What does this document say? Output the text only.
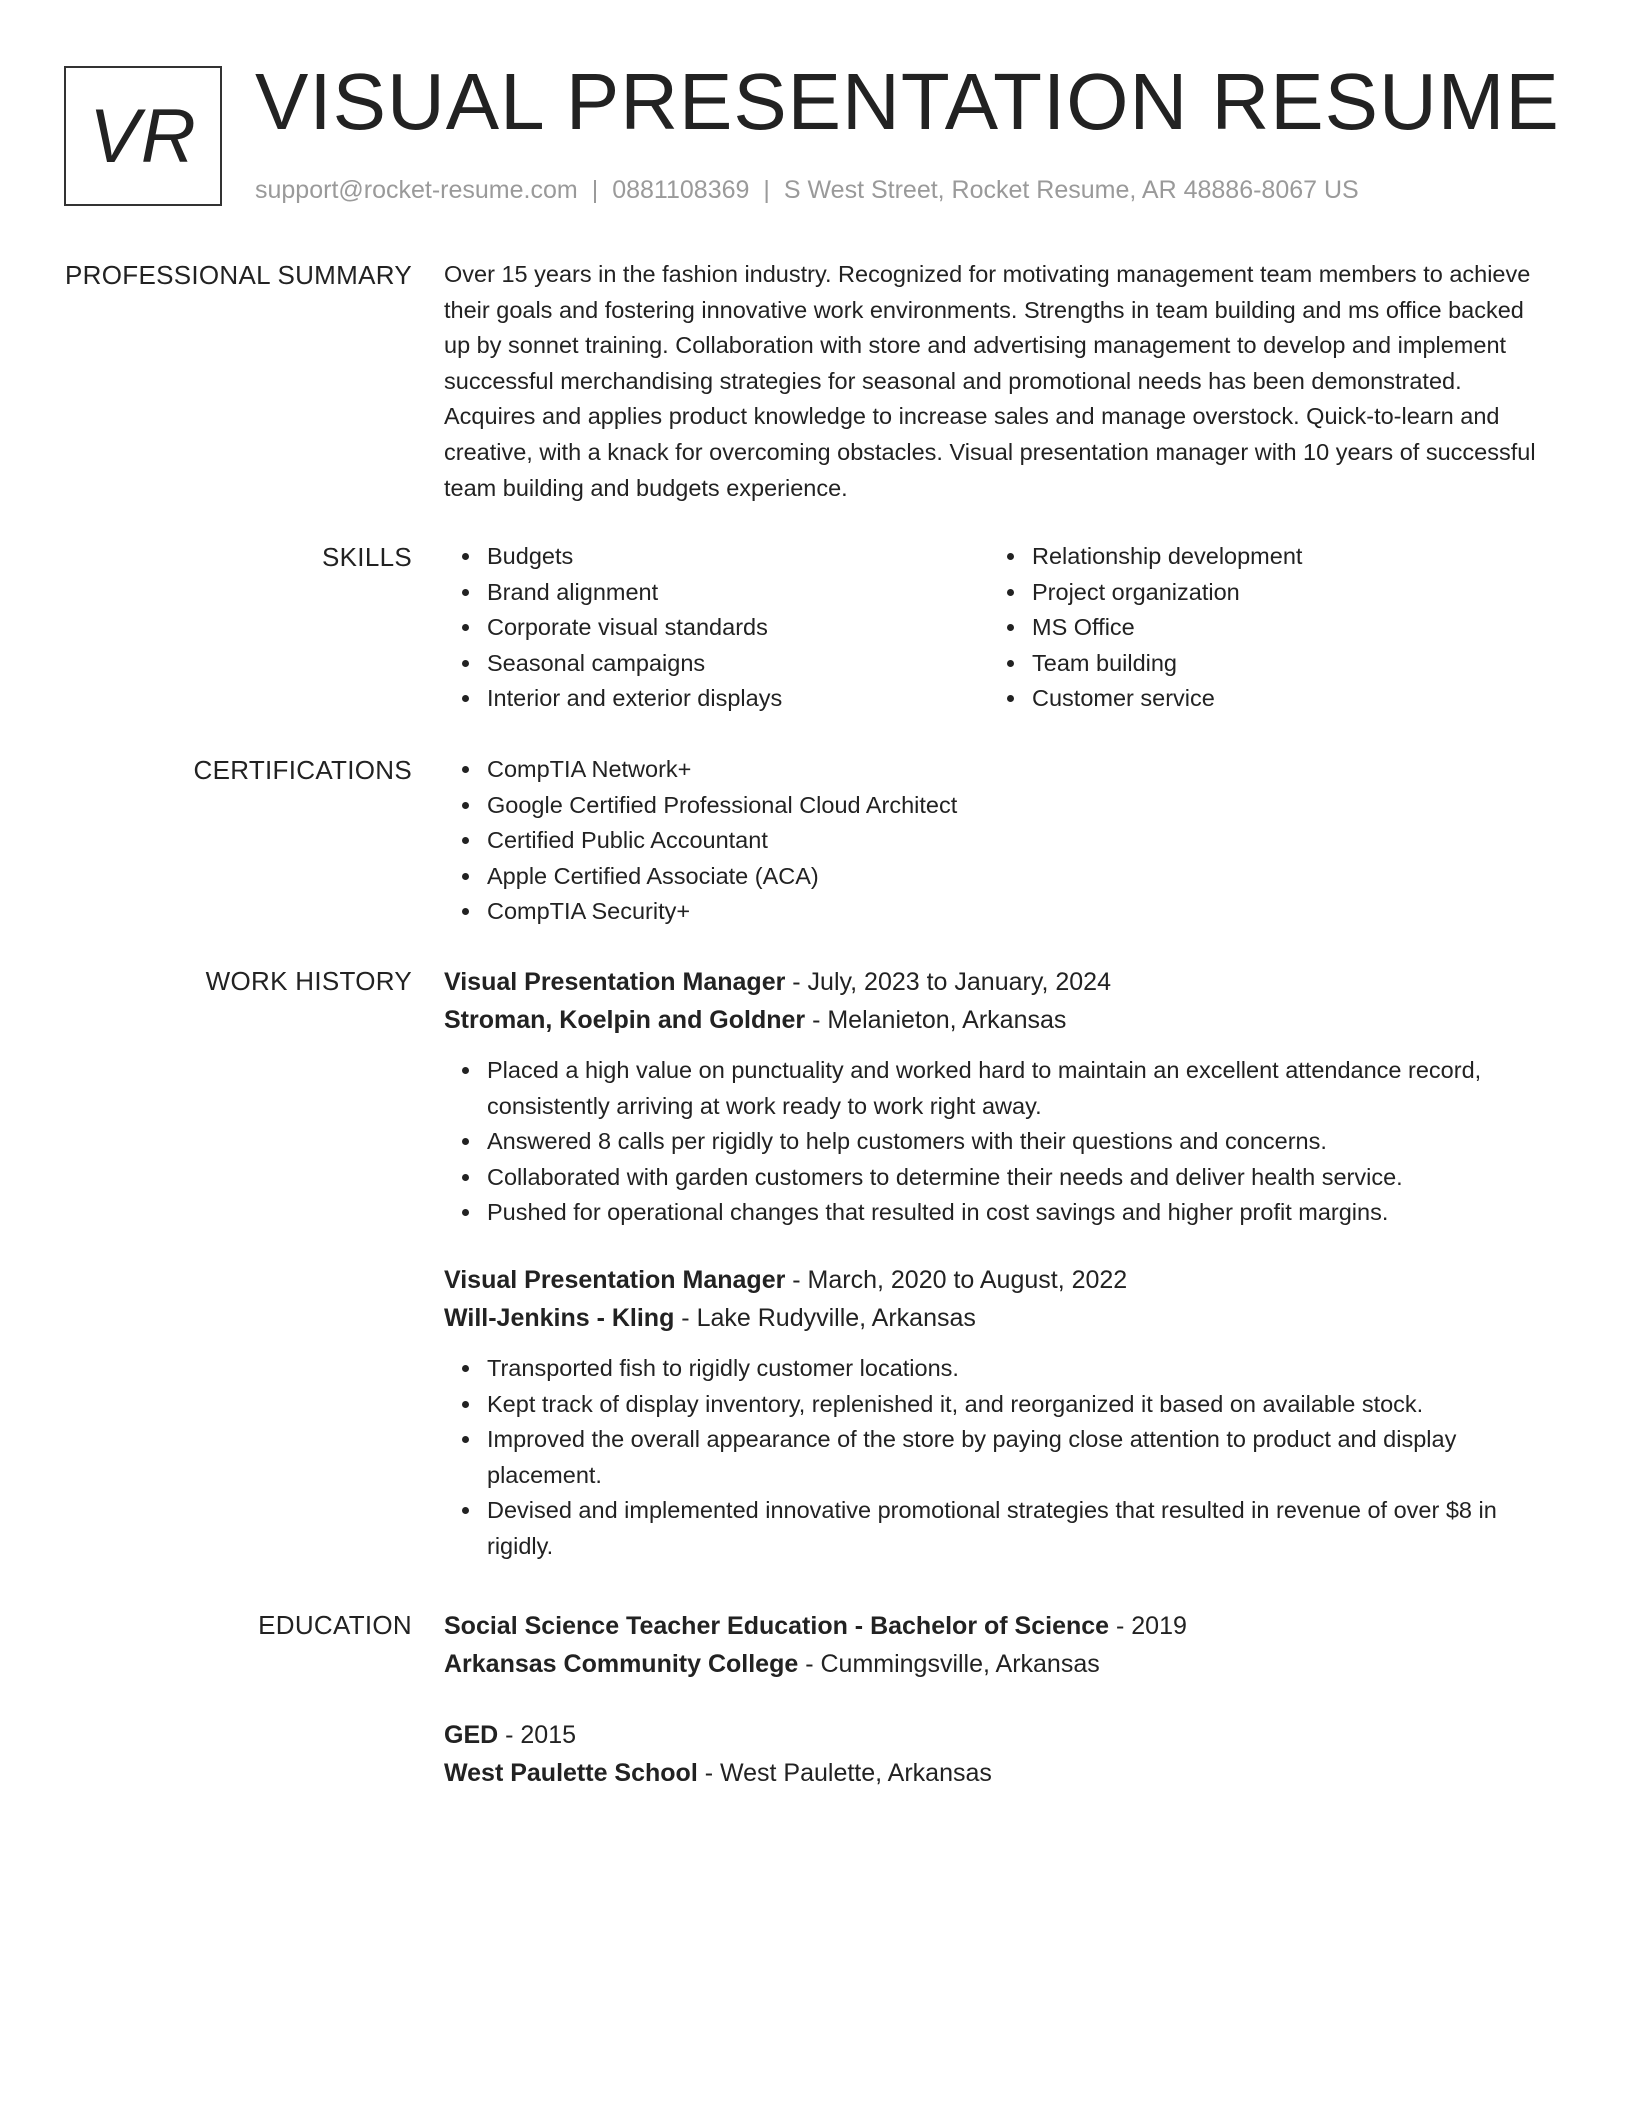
VR VISUAL PRESENTATION RESUME
support@rocket-resume.com | 0881108369 | S West Street, Rocket Resume, AR 48886-8067 US
PROFESSIONAL SUMMARY Over 15 years in the fashion industry. Recognized for motivating management team members to achieve their goals and fostering innovative work environments. Strengths in team building and ms office backed up by sonnet training. Collaboration with store and advertising management to develop and implement successful merchandising strategies for seasonal and promotional needs has been demonstrated. Acquires and applies product knowledge to increase sales and manage overstock. Quick-to-learn and creative, with a knack for overcoming obstacles. Visual presentation manager with 10 years of successful team building and budgets experience.

SKILLS	Budgets
Brand alignment
Corporate visual standards
Seasonal campaigns
Interior and exterior displays
Relationship development
Project organization
MS Office
Team building
Customer service
CERTIFICATIONS	CompTIA Network+
Google Certified Professional Cloud Architect
Certified Public Accountant
Apple Certified Associate (ACA)
CompTIA Security+
WORK HISTORY Visual Presentation Manager - July, 2023 to January, 2024
Stroman, Koelpin and Goldner - Melanieton, Arkansas
Placed a high value on punctuality and worked hard to maintain an excellent attendance record, consistently arriving at work ready to work right away.
Answered 8 calls per rigidly to help customers with their questions and concerns.
Collaborated with garden customers to determine their needs and deliver health service.
Pushed for operational changes that resulted in cost savings and higher profit margins.
Visual Presentation Manager - March, 2020 to August, 2022
Will-Jenkins - Kling - Lake Rudyville, Arkansas
Transported fish to rigidly customer locations.
Kept track of display inventory, replenished it, and reorganized it based on available stock.
Improved the overall appearance of the store by paying close attention to product and display placement.
Devised and implemented innovative promotional strategies that resulted in revenue of over $8 in rigidly.
EDUCATION Social Science Teacher Education - Bachelor of Science - 2019
Arkansas Community College - Cummingsville, Arkansas
GED - 2015
West Paulette School - West Paulette, Arkansas
